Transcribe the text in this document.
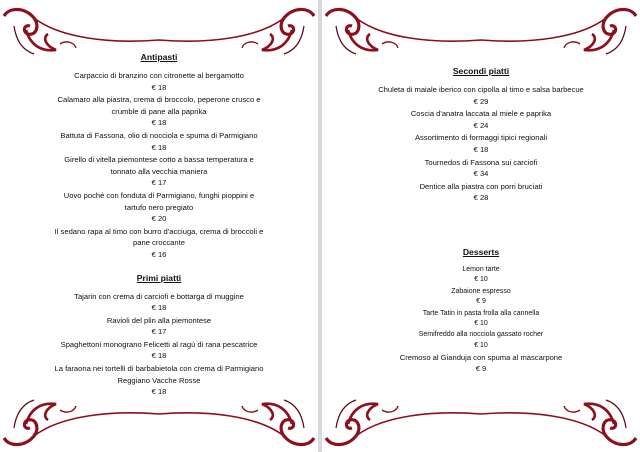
Antipasti
Carpaccio di branzino con citronette al bergamotto
€ 18
Calamaro alla piastra, crema di broccolo, peperone crusco e crumble di pane alla paprika
€ 18
Battuta di Fassona, olio di nocciola e spuma di Parmigiano
€ 18
Girello di vitella piemontese cotto a bassa temperatura e tonnato alla vecchia maniera
€ 17
Uovo poché con fonduta di Parmigiano, funghi pioppini e tartufo nero pregiato
€ 20
Il sedano rapa al timo con burro d'acciuga, crema di broccoli e pane croccante
€ 16
Primi piatti
Tajarin con crema di carciofi e bottarga di muggine
€ 18
Ravioli del plin alla piemontese
€ 17
Spaghettoni monograno Felicetti al ragù di rana pescatrice
€ 18
La faraona nei tortelli di barbabietola con crema di Parmigiano Reggiano Vacche Rosse
€ 18
Secondi piatti
Chuleta di maiale iberico con cipolla al timo e salsa barbecue
€ 29
Coscia d'anatra laccata al miele e paprika
€ 24
Assortimento di formaggi tipici regionali
€ 18
Tournedos di Fassona sui carciofi
€ 34
Dentice alla piastra con porri bruciati
€ 28
Desserts
Lemon tarte
€ 10
Zabaione espresso
€ 9
Tarte Tatin in pasta frolla alla cannella
€ 10
Semifreddo alla nocciola gassato rocher
€ 10
Cremoso al Gianduja con spuma al mascarpone
€ 9
